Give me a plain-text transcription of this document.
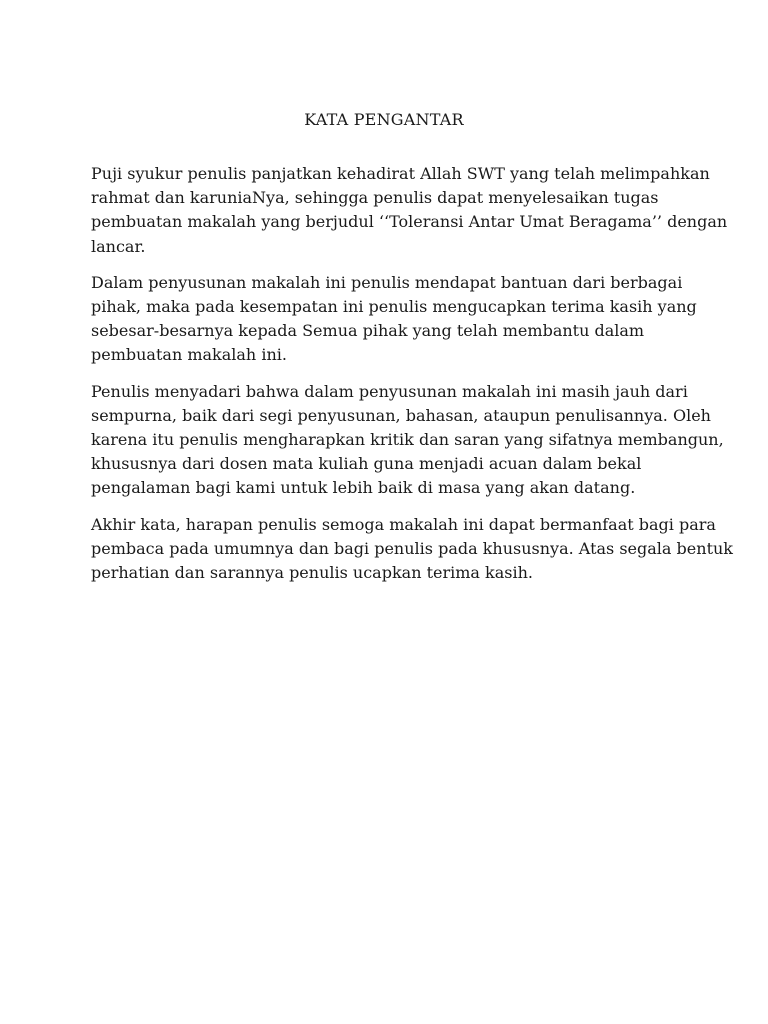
KATA PENGANTAR

Puji syukur penulis panjatkan kehadirat Allah SWT yang telah melimpahkan
rahmat dan karuniaNya, sehingga penulis dapat menyelesaikan tugas
pembuatan makalah yang berjudul ‘‘Toleransi Antar Umat Beragama’’ dengan
lancar.

Dalam penyusunan makalah ini penulis mendapat bantuan dari berbagai
pihak, maka pada kesempatan ini penulis mengucapkan terima kasih yang
sebesar-besarnya kepada Semua pihak yang telah membantu dalam
pembuatan makalah ini.

Penulis menyadari bahwa dalam penyusunan makalah ini masih jauh dari
sempurna, baik dari segi penyusunan, bahasan, ataupun penulisannya. Oleh
karena itu penulis mengharapkan kritik dan saran yang sifatnya membangun,
khususnya dari dosen mata kuliah guna menjadi acuan dalam bekal
pengalaman bagi kami untuk lebih baik di masa yang akan datang.

Akhir kata, harapan penulis semoga makalah ini dapat bermanfaat bagi para
pembaca pada umumnya dan bagi penulis pada khususnya. Atas segala bentuk
perhatian dan sarannya penulis ucapkan terima kasih.
